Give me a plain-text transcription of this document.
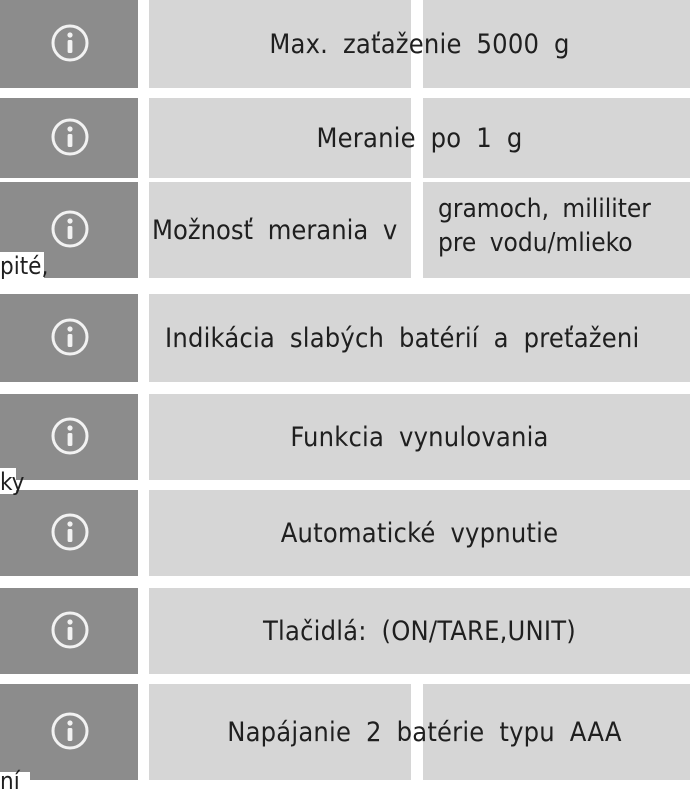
Max. zaťaženie 5000 g
Meranie po 1 g
Možnosť merania v
gramoch, mililiter
pre vodu/mlieko
Indikácia slabých batérií a preťaženi
Funkcia vynulovania
Automatické vypnutie
Tlačidlá: (ON/TARE,UNIT)
Napájanie 2 batérie typu AAA
pité,
ky
ní
